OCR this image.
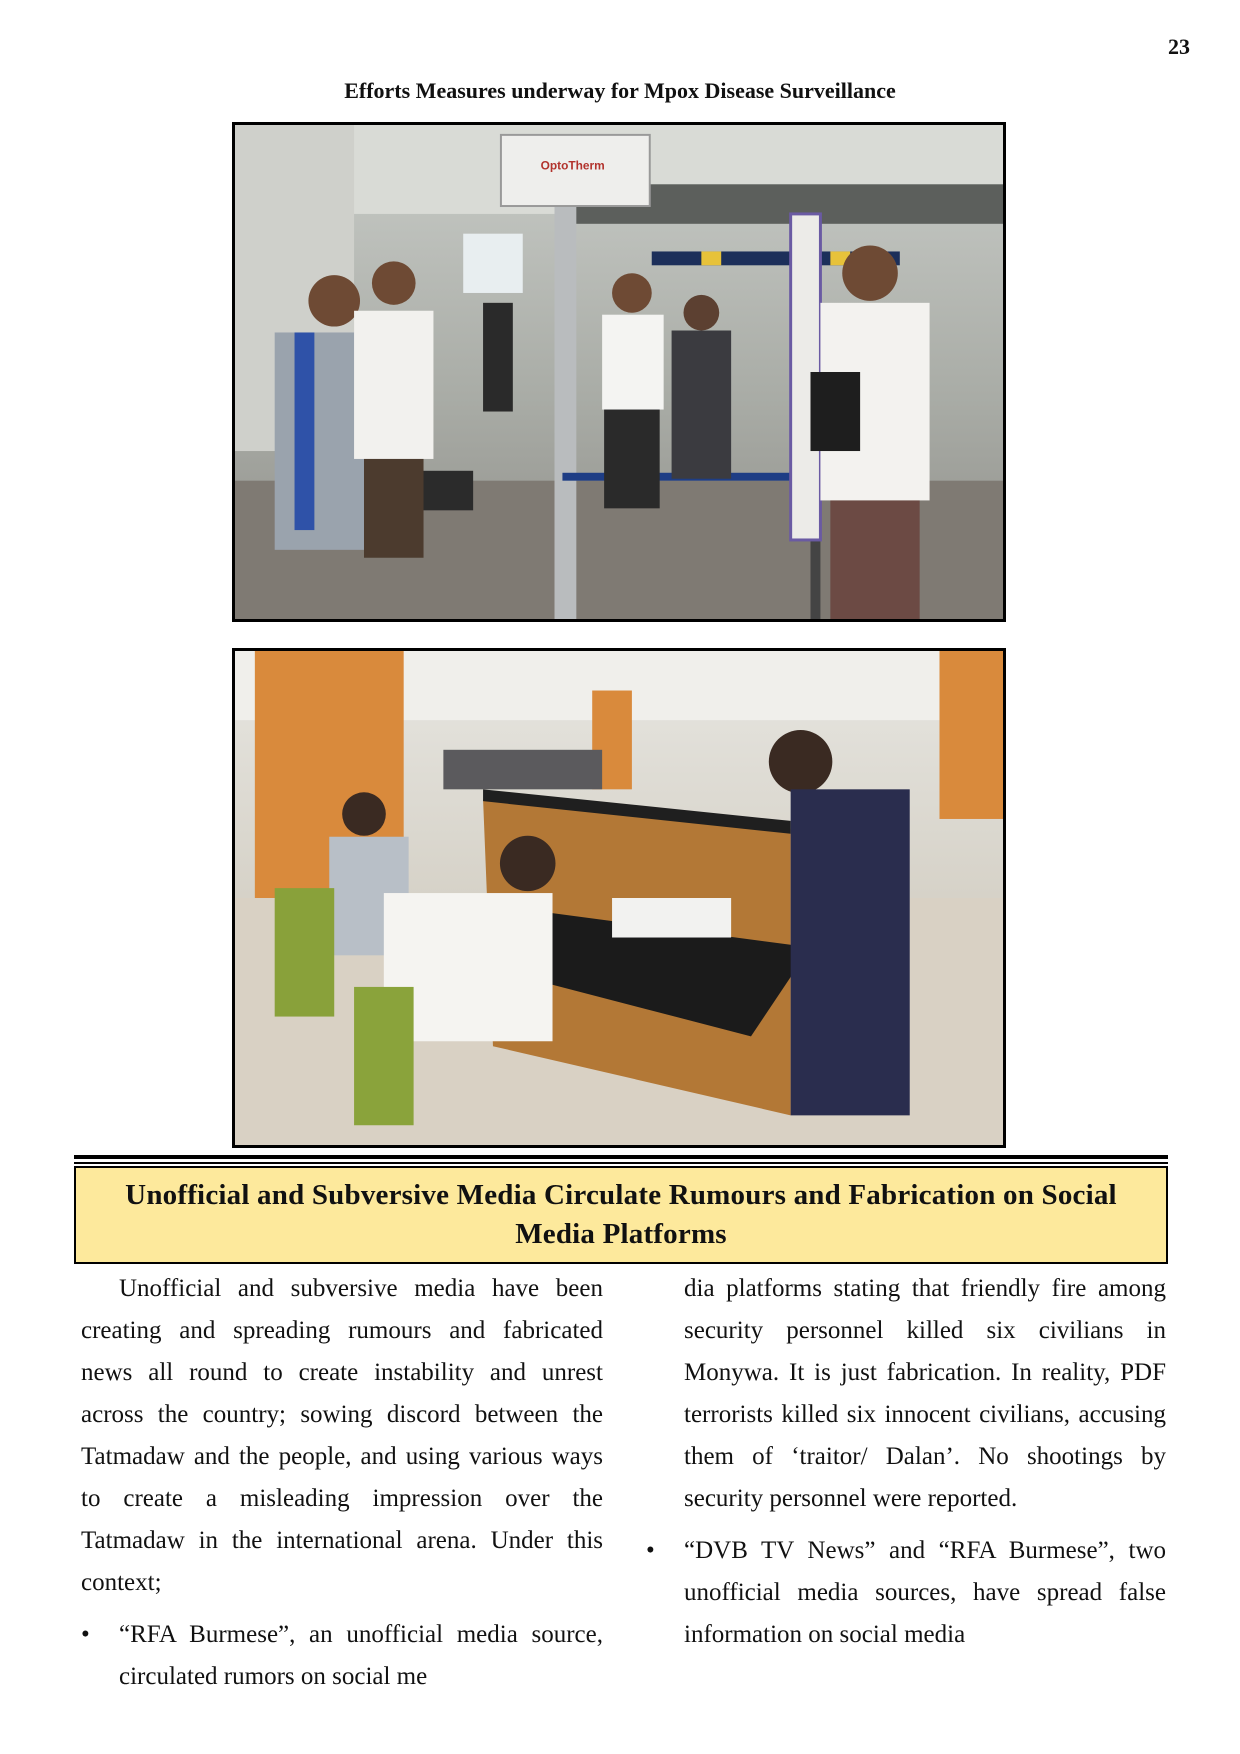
23
Efforts Measures underway for Mpox Disease Surveillance
OptoTherm
Unofficial and Subversive Media Circulate Rumours and Fabrication on Social Media Platforms

Unofficial and subversive media have been creating and spreading rumours and fabricated news all round to create instability and unrest across the country; sowing discord between the Tatmadaw and the people, and using various ways to create a misleading impression over the Tatmadaw in the international arena. Under this context;

• “RFA Burmese”, an unofficial media source, circulated rumors on social me

dia platforms stating that friendly fire among security personnel killed six civilians in Monywa. It is just fabrication. In reality, PDF terrorists killed six innocent civilians, accusing them of ‘traitor/ Dalan’. No shootings by security personnel were reported.

• “DVB TV News” and “RFA Burmese”, two unofficial media sources, have spread false information on social media
